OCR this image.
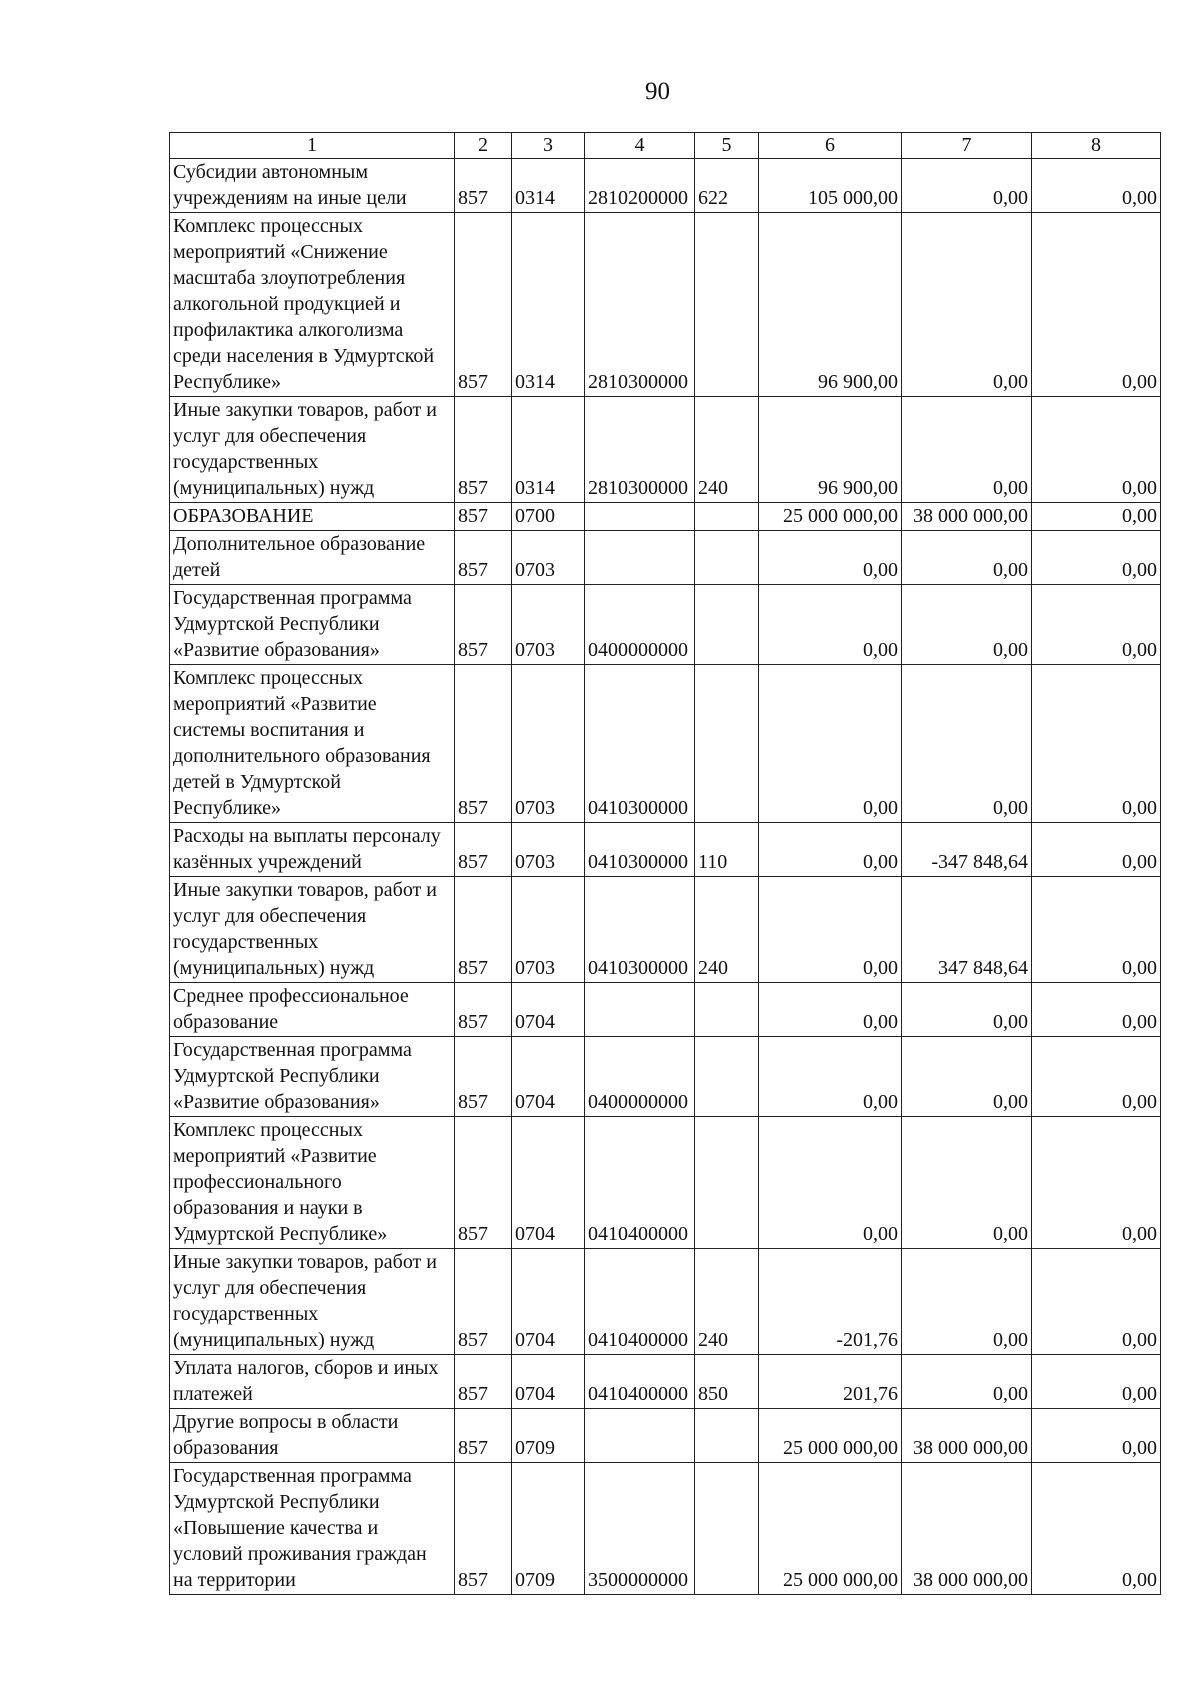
90
1	2	3	4	5	6	7	8
Субсидии автономным учреждениям на иные цели	857	0314	2810200000	622	105 000,00	0,00	0,00
Комплекс процессных мероприятий «Снижение масштаба злоупотребления алкогольной продукцией и профилактика алкоголизма среди населения в Удмуртской Республике»	857	0314	2810300000		96 900,00	0,00	0,00
Иные закупки товаров, работ и услуг для обеспечения государственных (муниципальных) нужд	857	0314	2810300000	240	96 900,00	0,00	0,00
ОБРАЗОВАНИЕ	857	0700			25 000 000,00	38 000 000,00	0,00
Дополнительное образование детей	857	0703			0,00	0,00	0,00
Государственная программа Удмуртской Республики «Развитие образования»	857	0703	0400000000		0,00	0,00	0,00
Комплекс процессных мероприятий «Развитие системы воспитания и дополнительного образования детей в Удмуртской Республике»	857	0703	0410300000		0,00	0,00	0,00
Расходы на выплаты персоналу казённых учреждений	857	0703	0410300000	110	0,00	-347 848,64	0,00
Иные закупки товаров, работ и услуг для обеспечения государственных (муниципальных) нужд	857	0703	0410300000	240	0,00	347 848,64	0,00
Среднее профессиональное образование	857	0704			0,00	0,00	0,00
Государственная программа Удмуртской Республики «Развитие образования»	857	0704	0400000000		0,00	0,00	0,00
Комплекс процессных мероприятий «Развитие профессионального образования и науки в Удмуртской Республике»	857	0704	0410400000		0,00	0,00	0,00
Иные закупки товаров, работ и услуг для обеспечения государственных (муниципальных) нужд	857	0704	0410400000	240	-201,76	0,00	0,00
Уплата налогов, сборов и иных платежей	857	0704	0410400000	850	201,76	0,00	0,00
Другие вопросы в области образования	857	0709			25 000 000,00	38 000 000,00	0,00
Государственная программа Удмуртской Республики «Повышение качества и условий проживания граждан на территории	857	0709	3500000000		25 000 000,00	38 000 000,00	0,00
